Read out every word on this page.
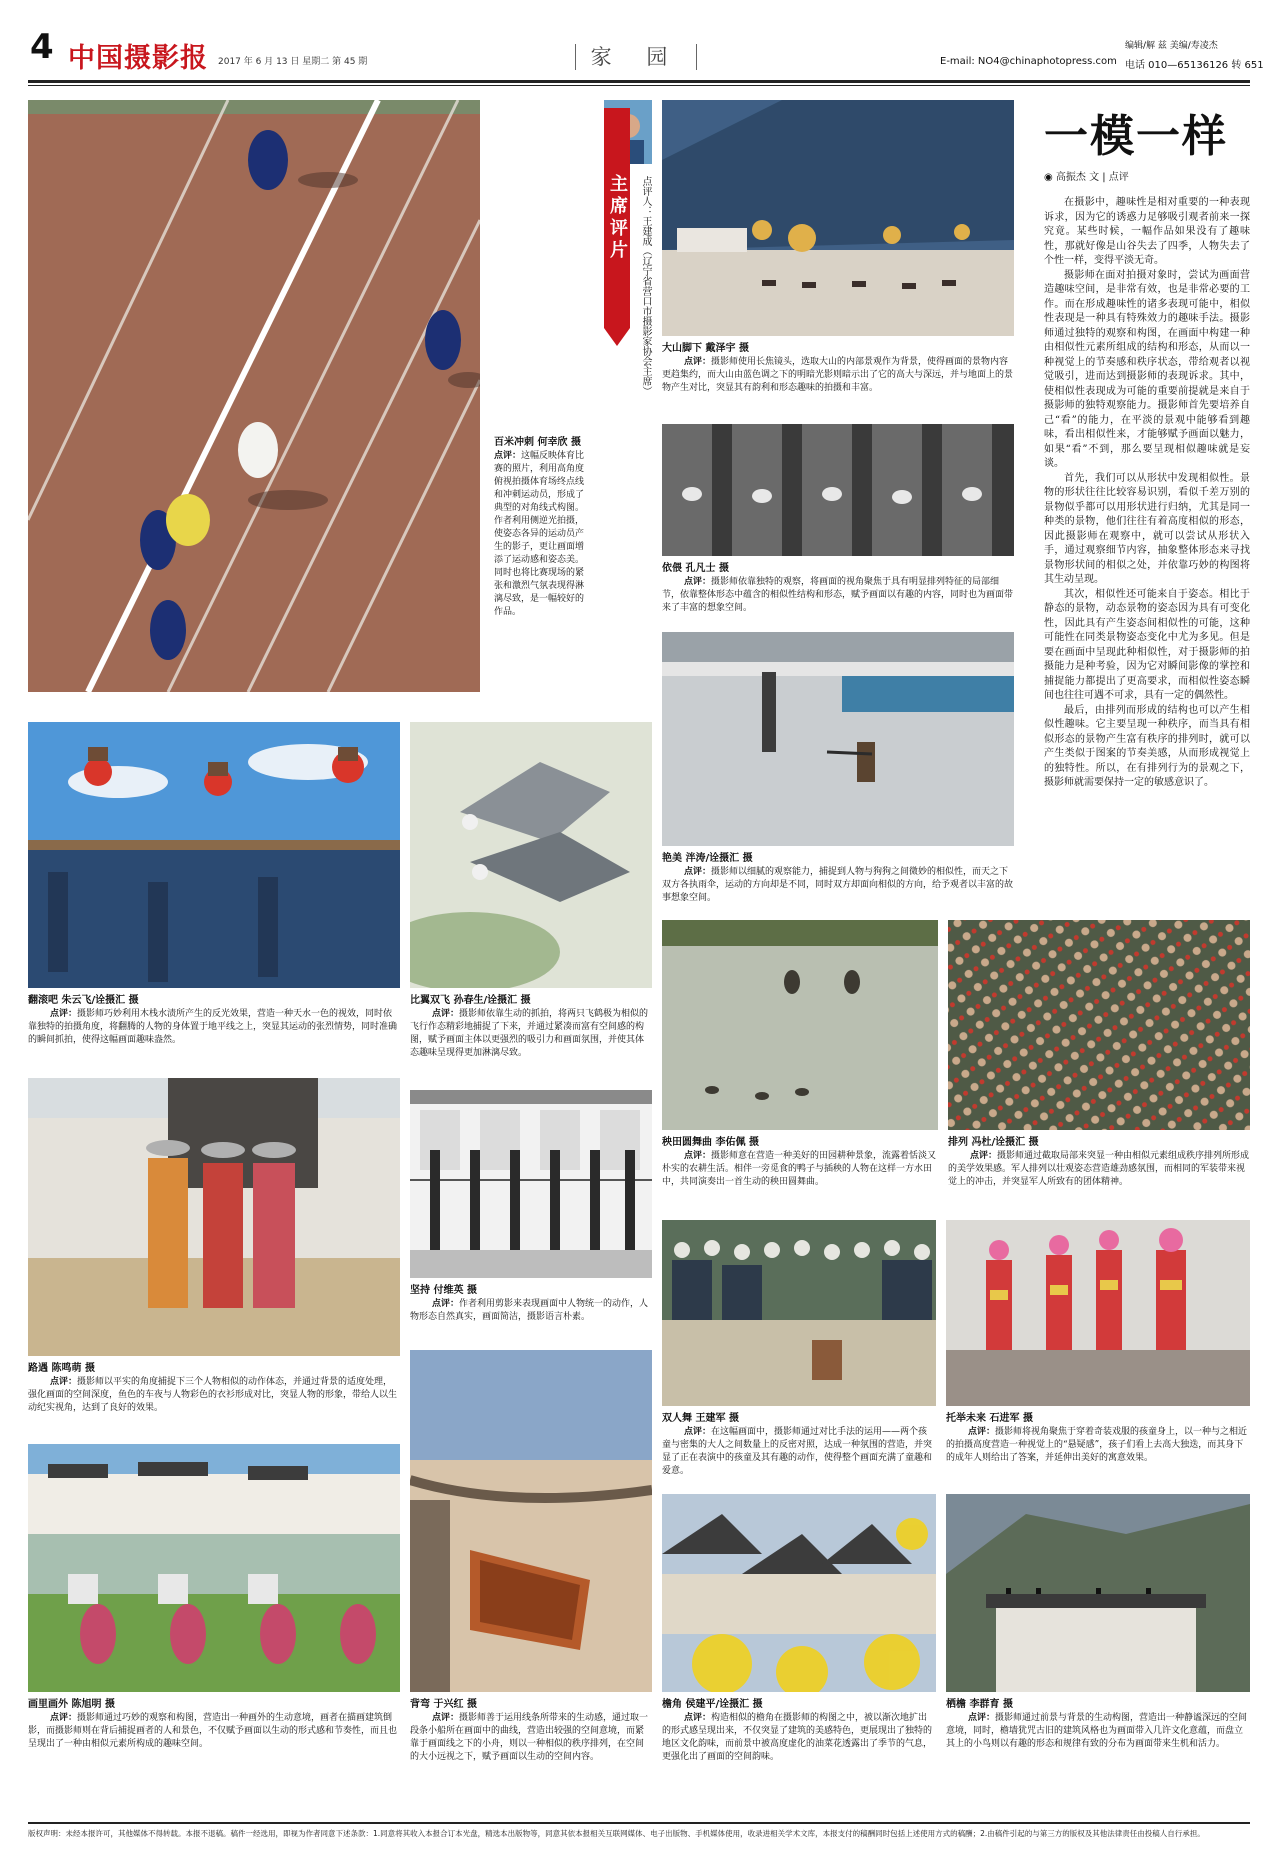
4 中国摄影报 2017 年 6 月 13 日 星期二 第 45 期	家 园	E-mail: NO4@chinaphotopress.com
编辑/解 兹 美编/寿凌杰
电话 010—65136126 转 651
百米冲刺 何幸欣 摄
点评：这幅反映体育比赛的照片，利用高角度俯视拍摄体育场终点线和冲刺运动员，形成了典型的对角线式构图。作者利用侧逆光拍摄，使姿态各异的运动员产生的影子，更让画面增添了运动感和姿态美。同时也将比赛现场的紧张和激烈气氛表现得淋漓尽致，是一幅较好的作品。
主席评片	点评人：王建成（辽宁省营口市摄影家协会主席）	大山脚下 戴泽宇 摄
点评：摄影师使用长焦镜头，选取大山的内部景观作为背景，使得画面的景物内容更趋集约，而大山由蓝色调之下的明暗光影则暗示出了它的高大与深远，并与地面上的景物产生对比，突显其有韵利和形态趣味的拍摄和丰富。
依偎 孔凡士 摄
点评：摄影师依靠独特的观察，将画面的视角聚焦于具有明显排列特征的局部细节，依靠整体形态中蕴含的相似性结构和形态，赋予画面以有趣的内容，同时也为画面带来了丰富的想象空间。
艳美 泮涛/诠摄汇 摄
点评：摄影师以细腻的观察能力，捕捉到人物与狗狗之间微妙的相似性，而天之下双方各执雨伞，运动的方向却是不同，同时双方却面向相似的方向，给予观者以丰富的故事想象空间。
一模一样
◉ 高振杰 文 | 点评

在摄影中，趣味性是相对重要的一种表现诉求，因为它的诱惑力足够吸引观者前来一探究竟。某些时候，一幅作品如果没有了趣味性，那就好像是山谷失去了四季，人物失去了个性一样，变得平淡无奇。

摄影师在面对拍摄对象时，尝试为画面营造趣味空间，是非常有效，也是非常必要的工作。而在形成趣味性的诸多表现可能中，相似性表现是一种具有特殊效力的趣味手法。摄影师通过独特的观察和构图，在画面中构建一种由相似性元素所组成的结构和形态，从而以一种视觉上的节奏感和秩序状态，带给观者以视觉吸引，进而达到摄影师的表现诉求。其中，使相似性表现成为可能的重要前提就是来自于摄影师的独特观察能力。摄影师首先要培养自己“看”的能力，在平淡的景观中能够看到趣味，看出相似性来，才能够赋予画面以魅力，如果“看”不到，那么要呈现相似趣味就是妄谈。

首先，我们可以从形状中发现相似性。景物的形状往往比较容易识别，看似千差万别的景物似乎都可以用形状进行归纳，尤其是同一种类的景物，他们往往有着高度相似的形态，因此摄影师在观察中，就可以尝试从形状入手，通过观察细节内容，抽象整体形态来寻找景物形状间的相似之处，并依靠巧妙的构图将其生动呈现。

其次，相似性还可能来自于姿态。相比于静态的景物，动态景物的姿态因为具有可变化性，因此具有产生姿态间相似性的可能，这种可能性在同类景物姿态变化中尤为多见。但是要在画面中呈现此种相似性，对于摄影师的拍摄能力是种考验，因为它对瞬间影像的掌控和捕捉能力都提出了更高要求，而相似性姿态瞬间也往往可遇不可求，具有一定的偶然性。

最后，由排列而形成的结构也可以产生相似性趣味。它主要呈现一种秩序，而当具有相似形态的景物产生富有秩序的排列时，就可以产生类似于图案的节奏美感，从而形成视觉上的独特性。所以，在有排列行为的景观之下，摄影师就需要保持一定的敏感意识了。

翻滚吧 朱云飞/诠摄汇 摄
点评：摄影师巧妙利用木栈水渍所产生的反光效果，营造一种天水一色的视效，同时依靠独特的拍摄角度，将翻腾的人物的身体置于地平线之上，突显其运动的张烈情势，同时准确的瞬间抓拍，使得这幅画面趣味盎然。
比翼双飞 孙春生/诠摄汇 摄
点评：摄影师依靠生动的抓拍，将两只飞鹤极为相似的飞行作态精彩地捕捉了下来，并通过紧凑而富有空间感的构图，赋予画面主体以更强烈的吸引力和画面氛围，并使其体态趣味呈现得更加淋漓尽致。
秧田圆舞曲 李佑佩 摄
点评：摄影师意在营造一种美好的田园耕种景象，流露着恬淡又朴实的农耕生活。相伴一旁觅食的鸭子与插秧的人物在这样一方水田中，共同演奏出一首生动的秧田圆舞曲。
排列 冯杜/诠摄汇 摄
点评：摄影师通过截取局部来突显一种由相似元素组成秩序排列所形成的美学效果感。军人排列以壮观姿态营造雄劲感氛围，而相同的军装带来视觉上的冲击，并突显军人所致有的团体精神。
路遇 陈鸣萌 摄
点评：摄影师以平实的角度捕捉下三个人物相似的动作体态，并通过背景的适度处理，强化画面的空间深度，鱼色的车夜与人物彩色的衣衫形成对比，突显人物的形象，带给人以生动纪实视角，达到了良好的效果。
坚持 付维英 摄
点评：作者利用剪影来表现画面中人物统一的动作，人物形态自然真实，画面简洁，摄影语言朴素。
双人舞 王建军 摄
点评：在这幅画面中，摄影师通过对比手法的运用——两个孩童与密集的大人之间数量上的反密对照，达成一种氛围的营造，并突显了正在表演中的孩童及其有趣的动作，使得整个画面充满了童趣和爱意。
托举未来 石进军 摄
点评：摄影师将视角聚焦于穿着奇装戏服的孩童身上，以一种与之相近的拍摄高度营造一种视觉上的“悬疑感”，孩子们看上去高大独迭，而其身下的成年人则给出了答案，并延伸出美好的寓意效果。
画里画外 陈旭明 摄
点评：摄影师通过巧妙的观察和构图，营造出一种画外的生动意境，画者在描画建筑倒影，而摄影师则在背后捕捉画者的人和景色，不仅赋予画面以生动的形式感和节奏性，而且也呈现出了一种由相似元素所构成的趣味空间。
背弯 于兴红 摄
点评：摄影师善于运用线条所带来的生动感，通过取一段条小船所在画面中的曲线，营造出较强的空间意境，而紧靠于画面线之下的小舟，则以一种相似的秩序排列，在空间的大小远视之下，赋予画面以生动的空间内容。
檐角 侯建平/诠摄汇 摄
点评：构造相似的檐角在摄影师的构图之中，被以渐次地扩出的形式感呈现出来，不仅突显了建筑的美感特色，更展现出了独特的地区文化韵味，而前景中被高度虚化的油菜花透露出了季节的气息，更强化出了画面的空间韵味。
栖檐 李群育 摄
点评：摄影师通过前景与背景的生动构图，营造出一种静谧深远的空间意境，同时，檐墙犹咒古旧的建筑风格也为画面带入几许文化意蕴，而盘立其上的小鸟则以有趣的形态和规律有致的分布为画面带来生机和活力。
版权声明：未经本报许可，其他媒体不得转载。本报不退稿。稿件一经选用，即视为作者同意下述条款：1.同意将其收入本报合订本光盘，精选本出版物等，同意其依本报相关互联网媒体、电子出版物、手机媒体使用，收录进相关学术文库，本报支付的稿酬同时包括上述使用方式的稿酬；2.由稿件引起的与第三方的版权及其他法律责任由投稿人自行承担。
